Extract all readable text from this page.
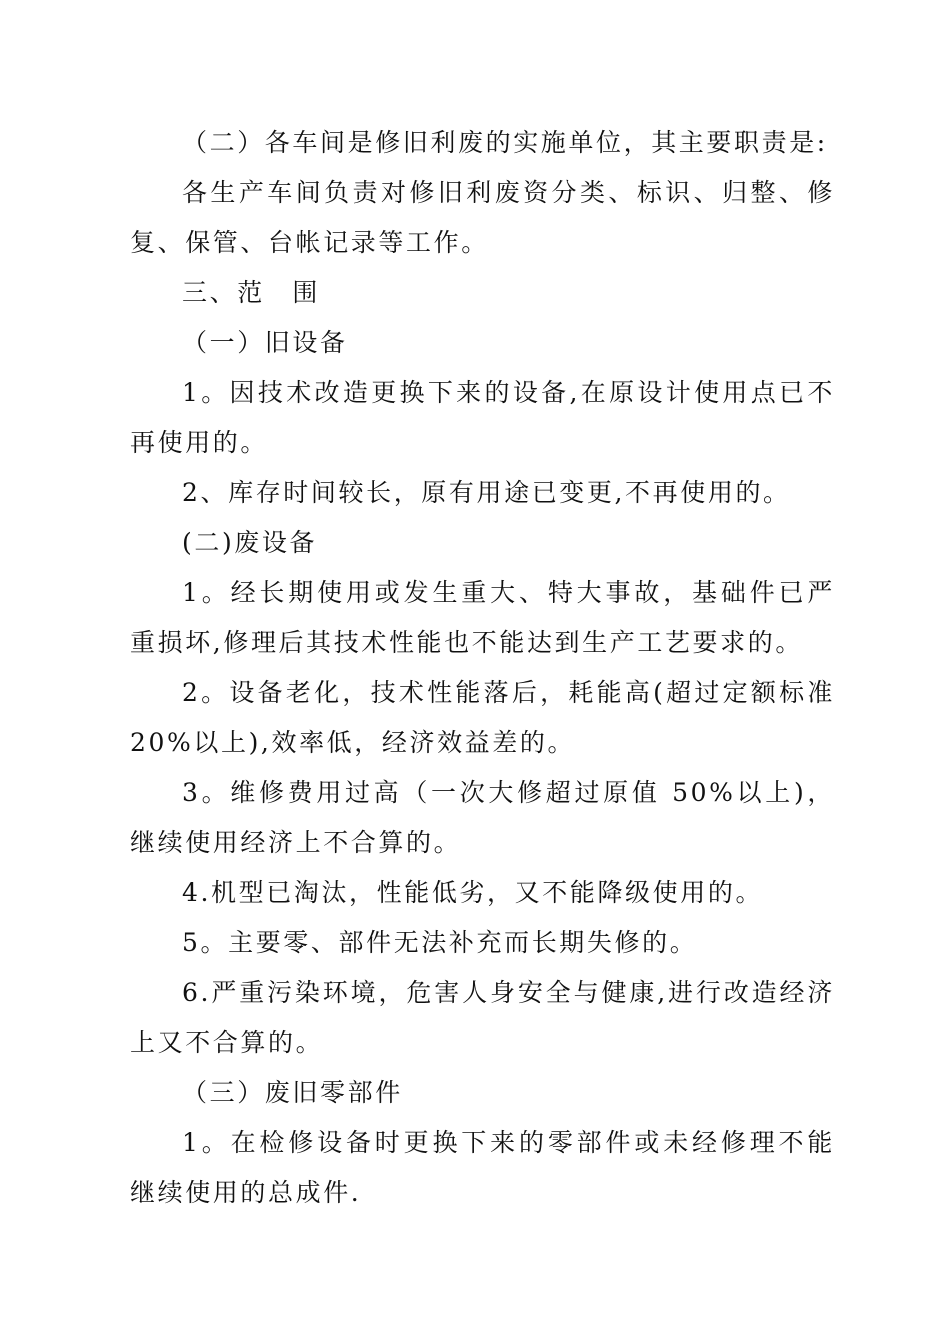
（二）各车间是修旧利废的实施单位，其主要职责是:

各生产车间负责对修旧利废资分类、标识、归整、修复、保管、台帐记录等工作。

三、范　围

（一）旧设备

1。因技术改造更换下来的设备,在原设计使用点已不再使用的。

2、库存时间较长，原有用途已变更,不再使用的。

(二)废设备

1。经长期使用或发生重大、特大事故，基础件已严重损坏,修理后其技术性能也不能达到生产工艺要求的。

2。设备老化，技术性能落后，耗能高(超过定额标准 20%以上),效率低，经济效益差的。

3。维修费用过高（一次大修超过原值 50%以上)，继续使用经济上不合算的。

4.机型已淘汰，性能低劣，又不能降级使用的。

5。主要零、部件无法补充而长期失修的。

6.严重污染环境，危害人身安全与健康,进行改造经济上又不合算的。

（三）废旧零部件

1。在检修设备时更换下来的零部件或未经修理不能继续使用的总成件.
